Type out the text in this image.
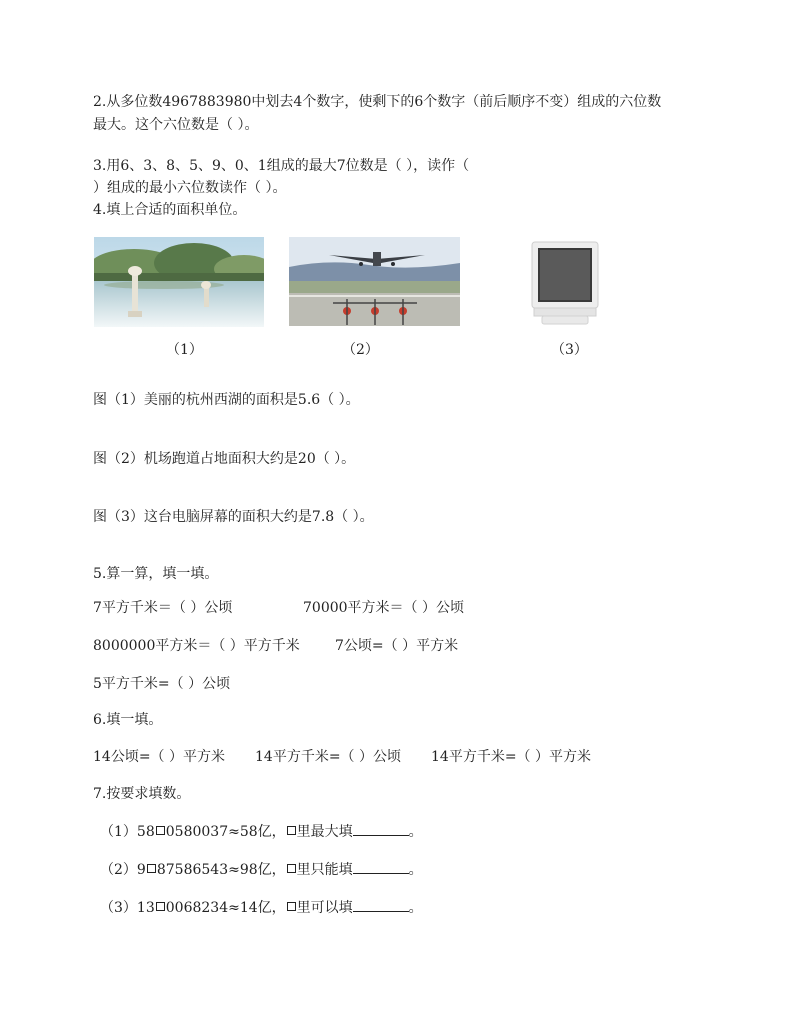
2.从多位数4967883980中划去4个数字，使剩下的6个数字（前后顺序不变）组成的六位数
最大。这个六位数是（ ）。
3.用6、3、8、5、9、0、1组成的最大7位数是（ ），读作（
）组成的最小六位数读作（ ）。
4.填上合适的面积单位。
（1）	（2）	（3）
图（1）美丽的杭州西湖的面积是5.6（ ）。
图（2）机场跑道占地面积大约是20（ ）。
图（3）这台电脑屏幕的面积大约是7.8（ ）。
5.算一算，填一填。
7平方千米＝（ ）公顷	70000平方米＝（ ）公顷
8000000平方米＝（ ）平方千米	7公顷=（ ）平方米
5平方千米=（ ）公顷
6.填一填。
14公顷=（ ）平方米 14平方千米=（ ）公顷 14平方千米=（ ）平方米
7.按要求填数。
（1）58 0580037≈58亿， 里最大填	。
（2）9 87586543≈98亿， 里只能填	。
（3）13 0068234≈14亿， 里可以填	。
